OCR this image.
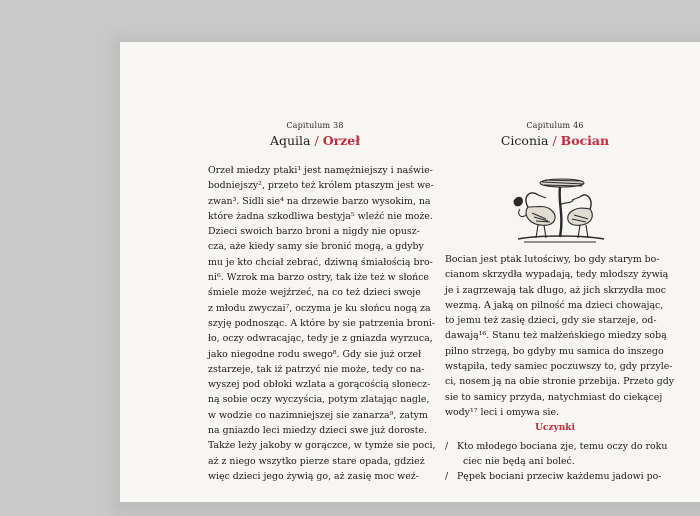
Capitulum 38
Aquila / Orzeł
Orzeł miedzy ptaki¹ jest namężniejszy i naświe-
bodniejszy², przeto też królem ptaszym jest we-
zwan³. Sidli sie⁴ na drzewie barzo wysokim, na
które żadna szkodliwa bestyja⁵ wleźć nie może.
Dzieci swoich barzo broni a nigdy nie opusz-
cza, aże kiedy samy sie bronić mogą, a gdyby
mu je kto chciał zebrać, dziwną śmiałością bro-
ni⁶. Wzrok ma barzo ostry, tak iże też w słońce
śmiele może wejźrzeć, na co też dzieci swoje
z młodu zwyczai⁷, oczyma je ku słońcu nogą za
szyję podnosząc. A które by sie patrzenia broni-
ło, oczy odwracając, tedy je z gniazda wyrzuca,
jako niegodne rodu swego⁸. Gdy sie już orzeł
zstarzeje, tak iż patrzyć nie może, tedy co na-
wyszej pod obłoki wzlata a gorącością słonecz-
ną sobie oczy wyczyścia, potym zlatając nagle,
w wodzie co nazimniejszej sie zanarza⁹, zatym
na gniazdo leci miedzy dzieci swe już doroste.
Także leży jakoby w gorączce, w tymże sie poci,
aż z niego wszytko pierze stare opada, gdzież
więc dzieci jego żywią go, aż zasię moc weź-
Capitulum 46
Ciconia / Bocian
Bocian jest ptak lutościwy, bo gdy starym bo-
cianom skrzydła wypadają, tedy młodszy żywią
je i zagrzewają tak długo, aż jich skrzydła moc
wezmą. A jaką on pilność ma dzieci chowając,
to jemu też zasię dzieci, gdy sie starzeje, od-
dawają¹⁶. Stanu też małżeńskiego miedzy sobą
pilno strzegą, bo gdyby mu samica do inszego
wstąpiła, tedy samiec poczuwszy to, gdy przyle-
ci, nosem ją na obie stronie przebija. Przeto gdy
sie to samicy przyda, natychmiast do ciekącej
wody¹⁷ leci i omywa sie.
Uczynki
/ Kto młodego bociana zje, temu oczy do roku
ciec nie będą ani boleć.
/ Pępek bociani przeciw każdemu jadowi po-
